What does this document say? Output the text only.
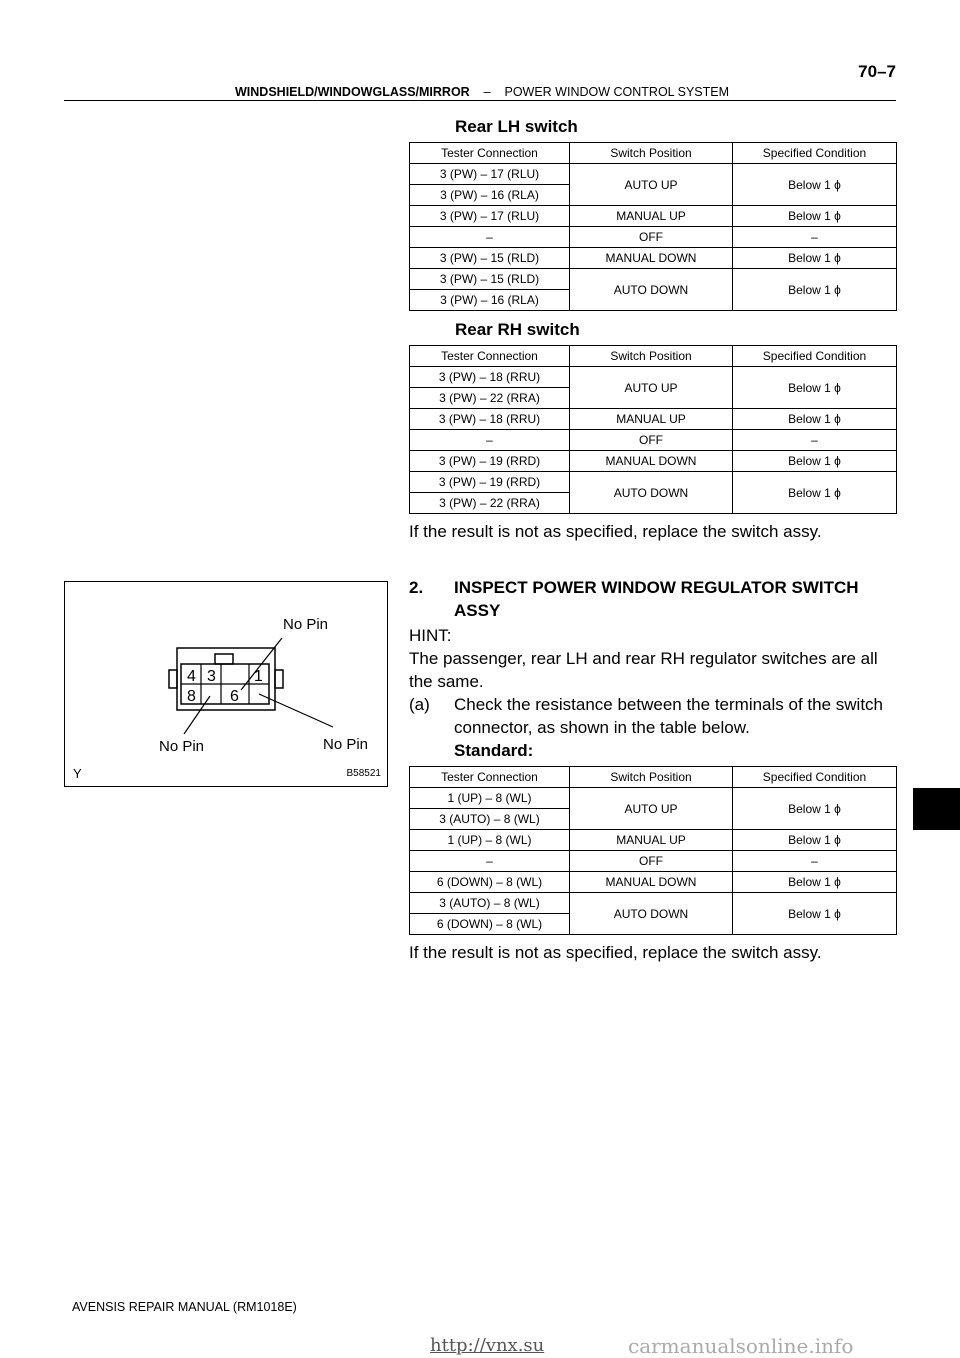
70–7
WINDSHIELD/WINDOWGLASS/MIRROR – POWER WINDOW CONTROL SYSTEM
Rear LH switch
Tester Connection	Switch Position	Specified Condition
3 (PW) – 17 (RLU)	AUTO UP	Below 1 ϕ
3 (PW) – 16 (RLA)		
3 (PW) – 17 (RLU)	MANUAL UP	Below 1 ϕ
–	OFF	–
3 (PW) – 15 (RLD)	MANUAL DOWN	Below 1 ϕ
3 (PW) – 15 (RLD)	AUTO DOWN	Below 1 ϕ
3 (PW) – 16 (RLA)		
Rear RH switch
Tester Connection	Switch Position	Specified Condition
3 (PW) – 18 (RRU)	AUTO UP	Below 1 ϕ
3 (PW) – 22 (RRA)		
3 (PW) – 18 (RRU)	MANUAL UP	Below 1 ϕ
–	OFF	–
3 (PW) – 19 (RRD)	MANUAL DOWN	Below 1 ϕ
3 (PW) – 19 (RRD)	AUTO DOWN	Below 1 ϕ
3 (PW) – 22 (RRA)		
If the result is not as specified, replace the switch assy.
2. INSPECT POWER WINDOW REGULATOR SWITCH
ASSY
HINT:
The passenger, rear LH and rear RH regulator switches are all
the same.
(a) Check the resistance between the terminals of the switch
connector, as shown in the table below.
Standard:
Tester Connection	Switch Position	Specified Condition
1 (UP) – 8 (WL)	AUTO UP	Below 1 ϕ
3 (AUTO) – 8 (WL)		
1 (UP) – 8 (WL)	MANUAL UP	Below 1 ϕ
–	OFF	–
6 (DOWN) – 8 (WL)	MANUAL DOWN	Below 1 ϕ
3 (AUTO) – 8 (WL)	AUTO DOWN	Below 1 ϕ
6 (DOWN) – 8 (WL)		
If the result is not as specified, replace the switch assy.
4 3 1
8 6
No Pin
No Pin	No Pin
Y	B58521
AVENSIS REPAIR MANUAL (RM1018E)
http://vnx.su	carmanualsonline.info
